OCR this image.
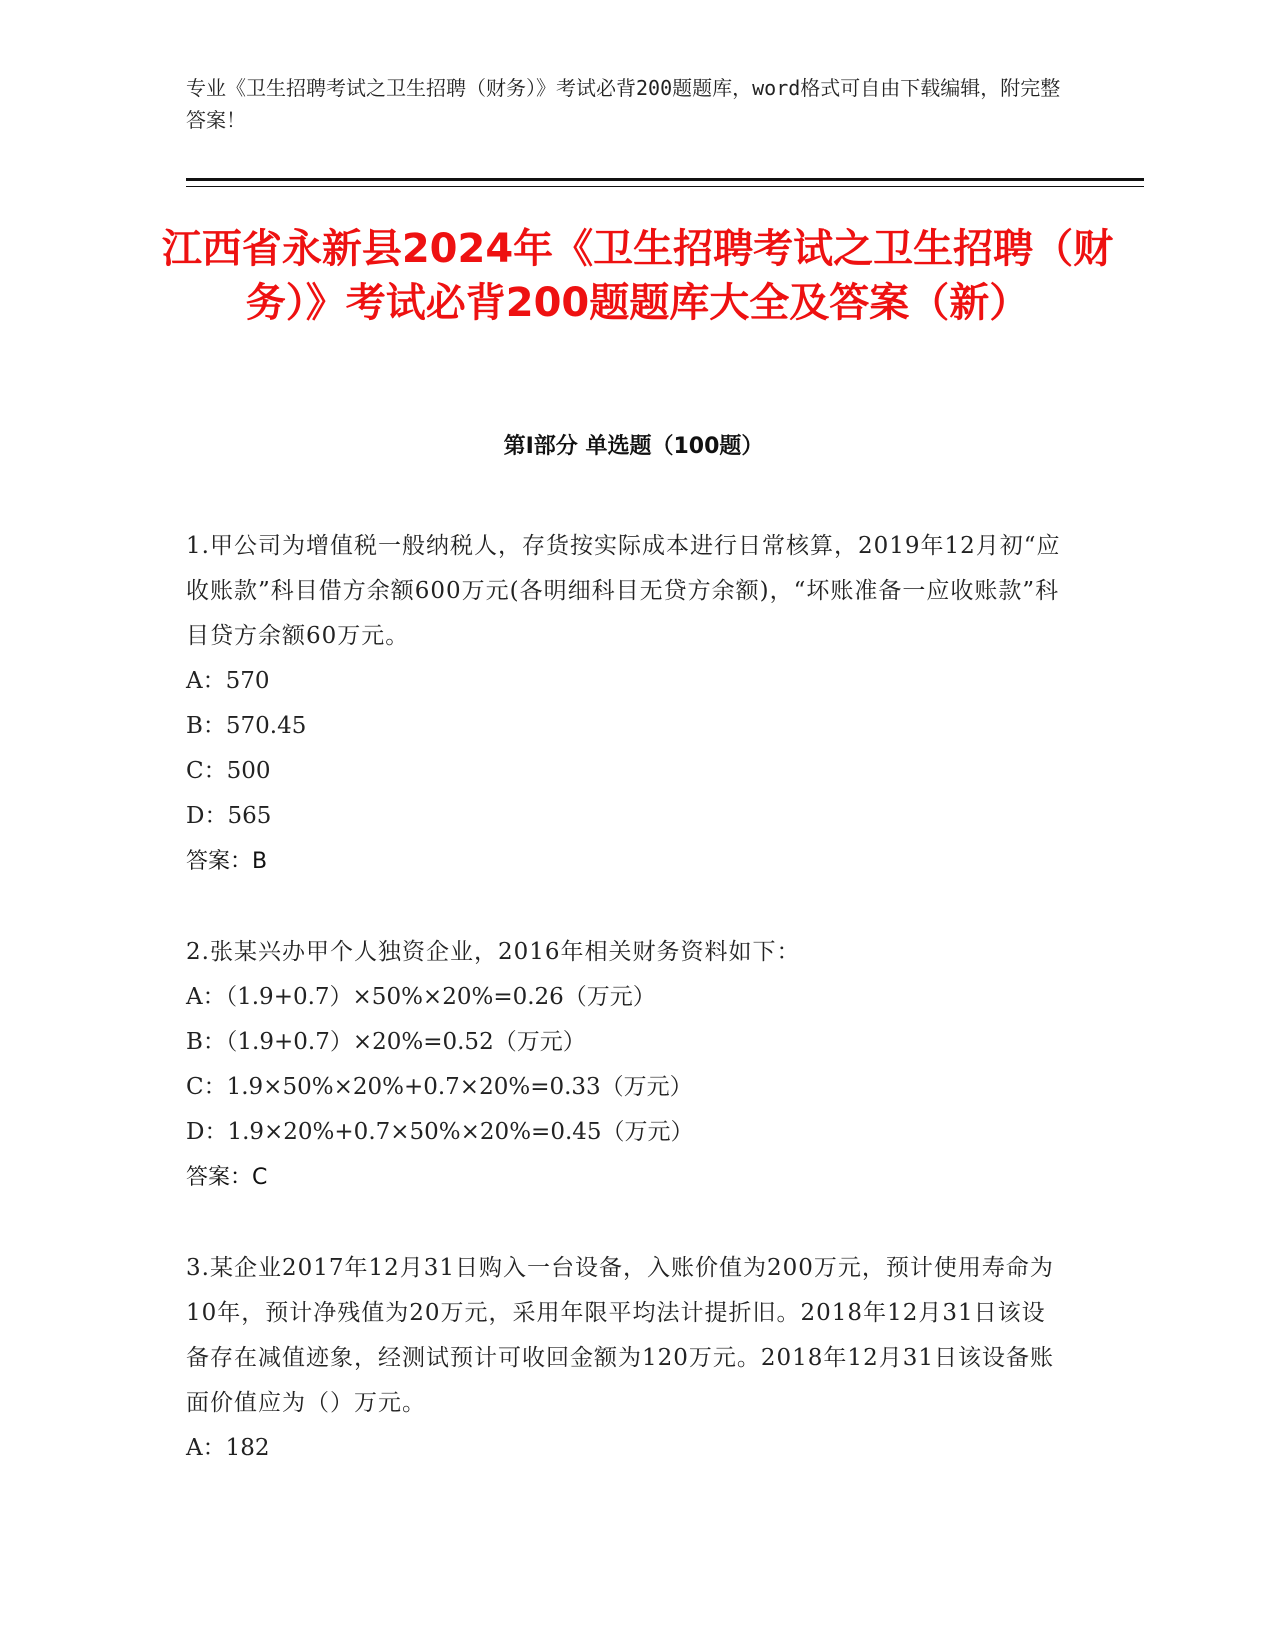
专业《卫生招聘考试之卫生招聘（财务）》考试必背200题题库，word格式可自由下载编辑，附完整答案！
江西省永新县2024年《卫生招聘考试之卫生招聘（财务）》考试必背200题题库大全及答案（新）
第Ⅰ部分 单选题（100题）
1.甲公司为增值税一般纳税人，存货按实际成本进行日常核算，2019年12月初“应收账款”科目借方余额600万元(各明细科目无贷方余额)，“坏账准备一应收账款”科目贷方余额60万元。
A：570
B：570.45
C：500
D：565
答案：B
2.张某兴办甲个人独资企业，2016年相关财务资料如下：
A：（1.9+0.7）×50%×20%=0.26（万元）
B：（1.9+0.7）×20%=0.52（万元）
C：1.9×50%×20%+0.7×20%=0.33（万元）
D：1.9×20%+0.7×50%×20%=0.45（万元）
答案：C
3.某企业2017年12月31日购入一台设备，入账价值为200万元，预计使用寿命为10年，预计净残值为20万元，采用年限平均法计提折旧。2018年12月31日该设备存在减值迹象，经测试预计可收回金额为120万元。2018年12月31日该设备账面价值应为（）万元。
A：182
